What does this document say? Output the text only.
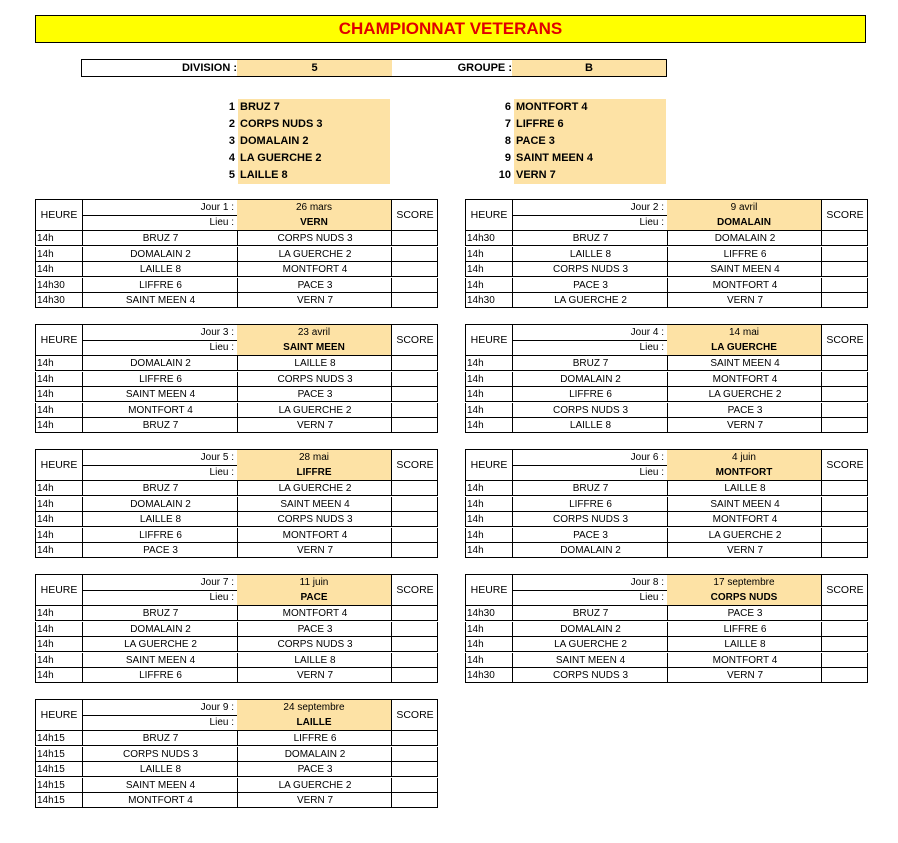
CHAMPIONNAT VETERANS
DIVISION :	5	GROUPE :	B
1 BRUZ 7
2 CORPS NUDS 3
3 DOMALAIN 2
4 LA GUERCHE 2
5 LAILLE 8
6 MONTFORT 4
7 LIFFRE 6
8 PACE 3
9 SAINT MEEN 4
10 VERN 7
HEURE
Jour 1 :	26 mars
Lieu :	VERN
SCORE
14h	BRUZ 7	CORPS NUDS 3
14h	DOMALAIN 2	LA GUERCHE 2
14h	LAILLE 8	MONTFORT 4
14h30	LIFFRE 6	PACE 3
14h30	SAINT MEEN 4	VERN 7
HEURE
Jour 2 :	9 avril
Lieu :	DOMALAIN
SCORE
14h30	BRUZ 7	DOMALAIN 2
14h	LAILLE 8	LIFFRE 6
14h	CORPS NUDS 3	SAINT MEEN 4
14h	PACE 3	MONTFORT 4
14h30	LA GUERCHE 2	VERN 7
HEURE
Jour 3 :	23 avril
Lieu :	SAINT MEEN
SCORE
14h	DOMALAIN 2	LAILLE 8
14h	LIFFRE 6	CORPS NUDS 3
14h	SAINT MEEN 4	PACE 3
14h	MONTFORT 4	LA GUERCHE 2
14h	BRUZ 7	VERN 7
HEURE
Jour 4 :	14 mai
Lieu :	LA GUERCHE
SCORE
14h	BRUZ 7	SAINT MEEN 4
14h	DOMALAIN 2	MONTFORT 4
14h	LIFFRE 6	LA GUERCHE 2
14h	CORPS NUDS 3	PACE 3
14h	LAILLE 8	VERN 7
HEURE
Jour 5 :	28 mai
Lieu :	LIFFRE
SCORE
14h	BRUZ 7	LA GUERCHE 2
14h	DOMALAIN 2	SAINT MEEN 4
14h	LAILLE 8	CORPS NUDS 3
14h	LIFFRE 6	MONTFORT 4
14h	PACE 3	VERN 7
HEURE
Jour 6 :	4 juin
Lieu :	MONTFORT
SCORE
14h	BRUZ 7	LAILLE 8
14h	LIFFRE 6	SAINT MEEN 4
14h	CORPS NUDS 3	MONTFORT 4
14h	PACE 3	LA GUERCHE 2
14h	DOMALAIN 2	VERN 7
HEURE
Jour 7 :	11 juin
Lieu :	PACE
SCORE
14h	BRUZ 7	MONTFORT 4
14h	DOMALAIN 2	PACE 3
14h	LA GUERCHE 2	CORPS NUDS 3
14h	SAINT MEEN 4	LAILLE 8
14h	LIFFRE 6	VERN 7
HEURE
Jour 8 :	17 septembre
Lieu :	CORPS NUDS
SCORE
14h30	BRUZ 7	PACE 3
14h	DOMALAIN 2	LIFFRE 6
14h	LA GUERCHE 2	LAILLE 8
14h	SAINT MEEN 4	MONTFORT 4
14h30	CORPS NUDS 3	VERN 7
HEURE
Jour 9 :	24 septembre
Lieu :	LAILLE
SCORE
14h15	BRUZ 7	LIFFRE 6
14h15	CORPS NUDS 3	DOMALAIN 2
14h15	LAILLE 8	PACE 3
14h15	SAINT MEEN 4	LA GUERCHE 2
14h15	MONTFORT 4	VERN 7
